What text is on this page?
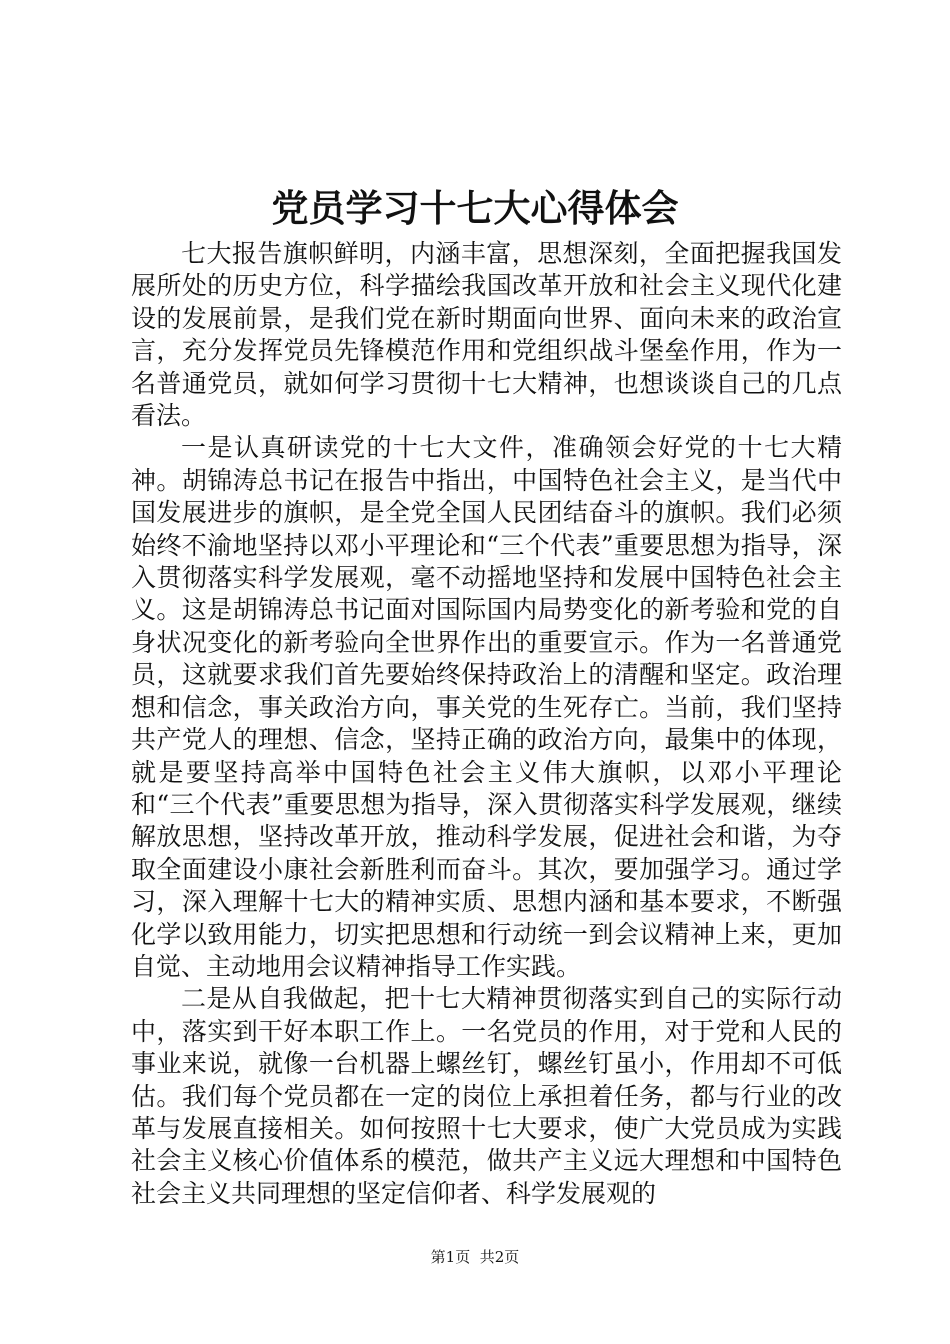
党员学习十七大心得体会

七大报告旗帜鲜明，内涵丰富，思想深刻，全面把握我国发展所处的历史方位，科学描绘我国改革开放和社会主义现代化建设的发展前景，是我们党在新时期面向世界、面向未来的政治宣言，充分发挥党员先锋模范作用和党组织战斗堡垒作用，作为一名普通党员，就如何学习贯彻十七大精神，也想谈谈自己的几点看法。

一是认真研读党的十七大文件，准确领会好党的十七大精神。胡锦涛总书记在报告中指出，中国特色社会主义，是当代中国发展进步的旗帜，是全党全国人民团结奋斗的旗帜。我们必须始终不渝地坚持以邓小平理论和“三个代表”重要思想为指导，深入贯彻落实科学发展观，毫不动摇地坚持和发展中国特色社会主义。这是胡锦涛总书记面对国际国内局势变化的新考验和党的自身状况变化的新考验向全世界作出的重要宣示。作为一名普通党员，这就要求我们首先要始终保持政治上的清醒和坚定。政治理想和信念，事关政治方向，事关党的生死存亡。当前，我们坚持共产党人的理想、信念，坚持正确的政治方向，最集中的体现，就是要坚持高举中国特色社会主义伟大旗帜，以邓小平理论和“三个代表”重要思想为指导，深入贯彻落实科学发展观，继续解放思想，坚持改革开放，推动科学发展，促进社会和谐，为夺取全面建设小康社会新胜利而奋斗。其次，要加强学习。通过学习，深入理解十七大的精神实质、思想内涵和基本要求，不断强化学以致用能力，切实把思想和行动统一到会议精神上来，更加自觉、主动地用会议精神指导工作实践。

二是从自我做起，把十七大精神贯彻落实到自己的实际行动中，落实到干好本职工作上。一名党员的作用，对于党和人民的事业来说，就像一台机器上螺丝钉，螺丝钉虽小，作用却不可低估。我们每个党员都在一定的岗位上承担着任务，都与行业的改革与发展直接相关。如何按照十七大要求，使广大党员成为实践社会主义核心价值体系的模范，做共产主义远大理想和中国特色社会主义共同理想的坚定信仰者、科学发展观的

第1页 共2页
